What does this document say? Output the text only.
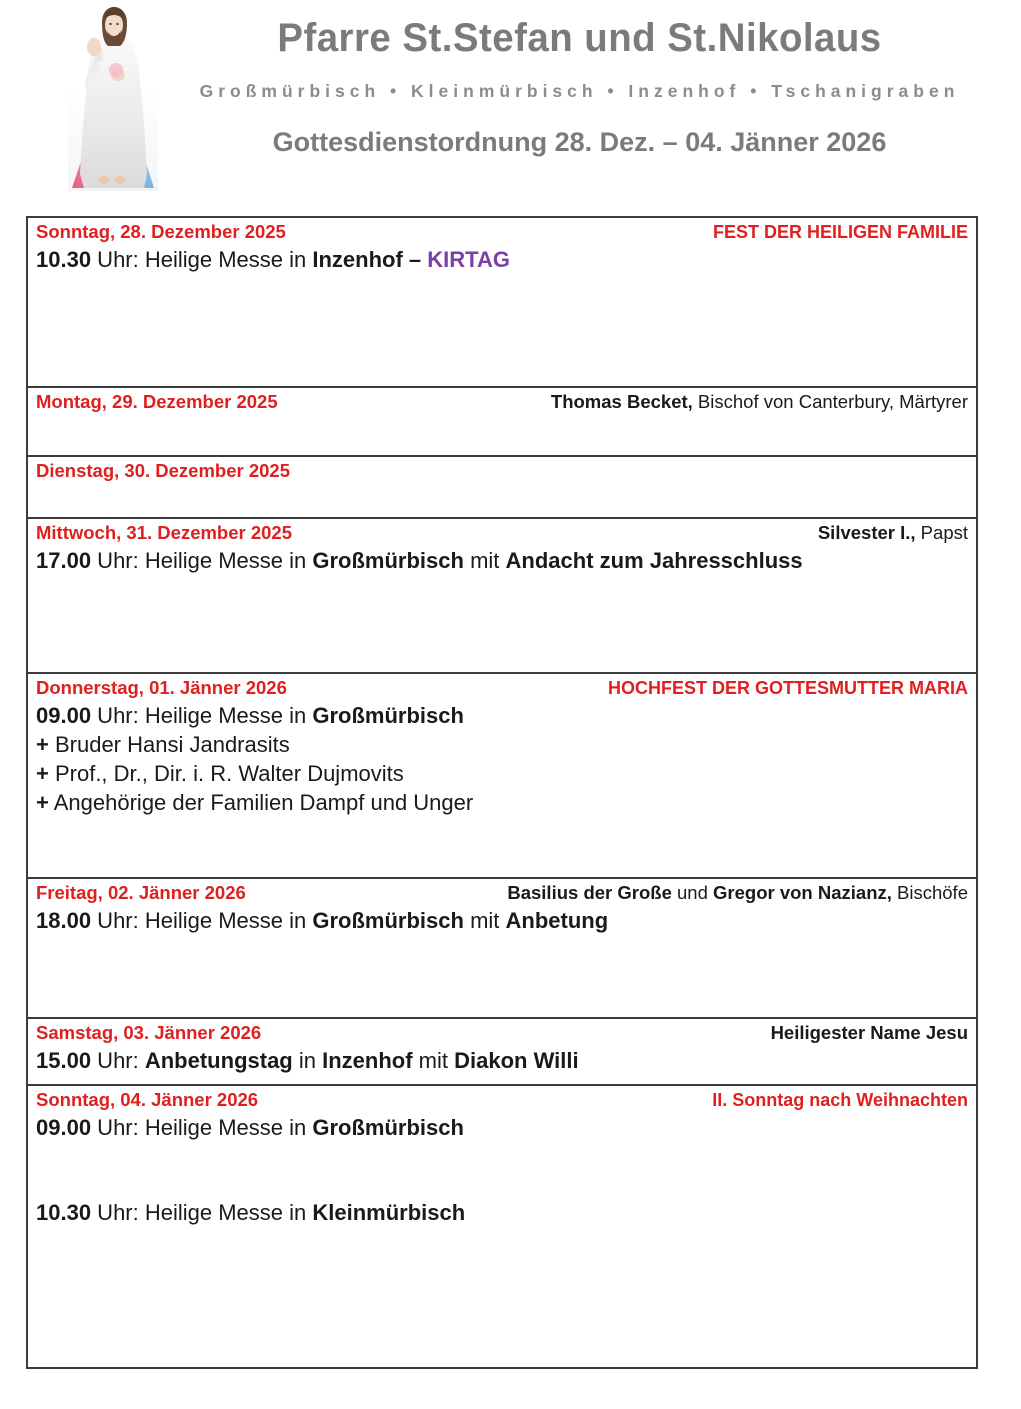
Pfarre St.Stefan und St.Nikolaus
Großmürbisch • Kleinmürbisch • Inzenhof • Tschanigraben
Gottesdienstordnung 28. Dez. – 04. Jänner 2026
Sonntag, 28. Dezember 2025	FEST DER HEILIGEN FAMILIE
10.30 Uhr: Heilige Messe in Inzenhof – KIRTAG
Montag, 29. Dezember 2025	Thomas Becket, Bischof von Canterbury, Märtyrer
Dienstag, 30. Dezember 2025
Mittwoch, 31. Dezember 2025	Silvester I., Papst
17.00 Uhr: Heilige Messe in Großmürbisch mit Andacht zum Jahresschluss
Donnerstag, 01. Jänner 2026	HOCHFEST DER GOTTESMUTTER MARIA
09.00 Uhr: Heilige Messe in Großmürbisch
+ Bruder Hansi Jandrasits
+ Prof., Dr., Dir. i. R. Walter Dujmovits
+ Angehörige der Familien Dampf und Unger
Freitag, 02. Jänner 2026	Basilius der Große und Gregor von Nazianz, Bischöfe
18.00 Uhr: Heilige Messe in Großmürbisch mit Anbetung
Samstag, 03. Jänner 2026	Heiligester Name Jesu
15.00 Uhr: Anbetungstag in Inzenhof mit Diakon Willi
Sonntag, 04. Jänner 2026	II. Sonntag nach Weihnachten
09.00 Uhr: Heilige Messe in Großmürbisch
10.30 Uhr: Heilige Messe in Kleinmürbisch
